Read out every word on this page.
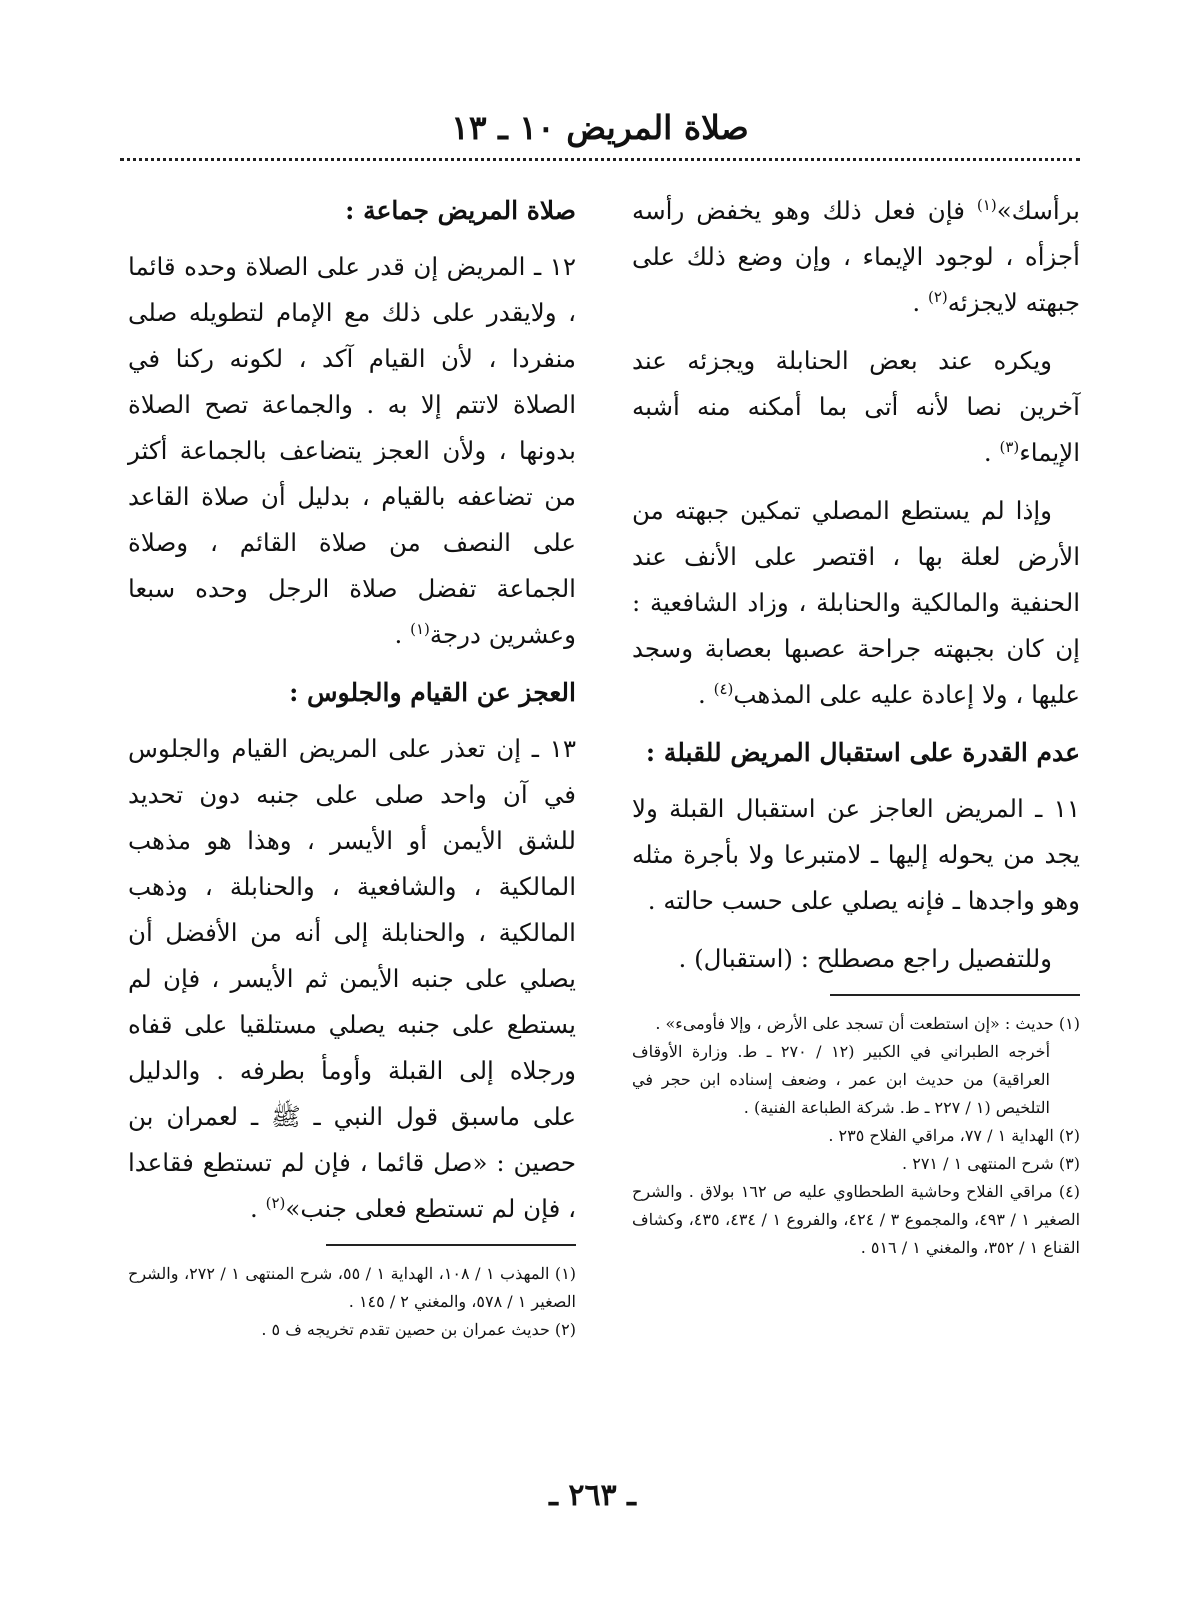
صلاة المريض ١٠ ـ ١٣

برأسك»$^{(١)}$ فإن فعل ذلك وهو يخفض رأسه أجزأه ، لوجود الإيماء ، وإن وضع ذلك على جبهته لايجزئه$^{(٢)}$ .

ويكره عند بعض الحنابلة ويجزئه عند آخرين نصا لأنه أتى بما أمكنه منه أشبه الإيماء$^{(٣)}$ .

وإذا لم يستطع المصلي تمكين جبهته من الأرض لعلة بها ، اقتصر على الأنف عند الحنفية والمالكية والحنابلة ، وزاد الشافعية : إن كان بجبهته جراحة عصبها بعصابة وسجد عليها ، ولا إعادة عليه على المذهب$^{(٤)}$ .

عدم القدرة على استقبال المريض للقبلة :

١١ ـ المريض العاجز عن استقبال القبلة ولا يجد من يحوله إليها ـ لامتبرعا ولا بأجرة مثله وهو واجدها ـ فإنه يصلي على حسب حالته .

وللتفصيل راجع مصطلح : (استقبال) .

(١) حديث : «إن استطعت أن تسجد على الأرض ، وإلا فأومىء» .

أخرجه الطبراني في الكبير (١٢ / ٢٧٠ ـ ط. وزارة الأوقاف العراقية) من حديث ابن عمر ، وضعف إسناده ابن حجر في التلخيص (١ / ٢٢٧ ـ ط. شركة الطباعة الفنية) .

(٢) الهداية ١ / ٧٧، مراقي الفلاح ٢٣٥ .

(٣) شرح المنتهى ١ / ٢٧١ .

(٤) مراقي الفلاح وحاشية الطحطاوي عليه ص ١٦٢ بولاق . والشرح الصغير ١ / ٤٩٣، والمجموع ٣ / ٤٢٤، والفروع ١ / ٤٣٤، ٤٣٥، وكشاف القناع ١ / ٣٥٢، والمغني ١ / ٥١٦ .

صلاة المريض جماعة :

١٢ ـ المريض إن قدر على الصلاة وحده قائما ، ولايقدر على ذلك مع الإمام لتطويله صلى منفردا ، لأن القيام آكد ، لكونه ركنا في الصلاة لاتتم إلا به . والجماعة تصح الصلاة بدونها ، ولأن العجز يتضاعف بالجماعة أكثر من تضاعفه بالقيام ، بدليل أن صلاة القاعد على النصف من صلاة القائم ، وصلاة الجماعة تفضل صلاة الرجل وحده سبعا وعشرين درجة$^{(١)}$ .

العجز عن القيام والجلوس :

١٣ ـ إن تعذر على المريض القيام والجلوس في آن واحد صلى على جنبه دون تحديد للشق الأيمن أو الأيسر ، وهذا هو مذهب المالكية ، والشافعية ، والحنابلة ، وذهب المالكية ، والحنابلة إلى أنه من الأفضل أن يصلي على جنبه الأيمن ثم الأيسر ، فإن لم يستطع على جنبه يصلي مستلقيا على قفاه ورجلاه إلى القبلة وأومأ بطرفه . والدليل على ماسبق قول النبي ـ ﷺ ـ لعمران بن حصين : «صل قائما ، فإن لم تستطع فقاعدا ، فإن لم تستطع فعلى جنب»$^{(٢)}$ .

(١) المهذب ١ / ١٠٨، الهداية ١ / ٥٥، شرح المنتهى ١ / ٢٧٢، والشرح الصغير ١ / ٥٧٨، والمغني ٢ / ١٤٥ .

(٢) حديث عمران بن حصين تقدم تخريجه ف ٥ .

ـ ٢٦٣ ـ
